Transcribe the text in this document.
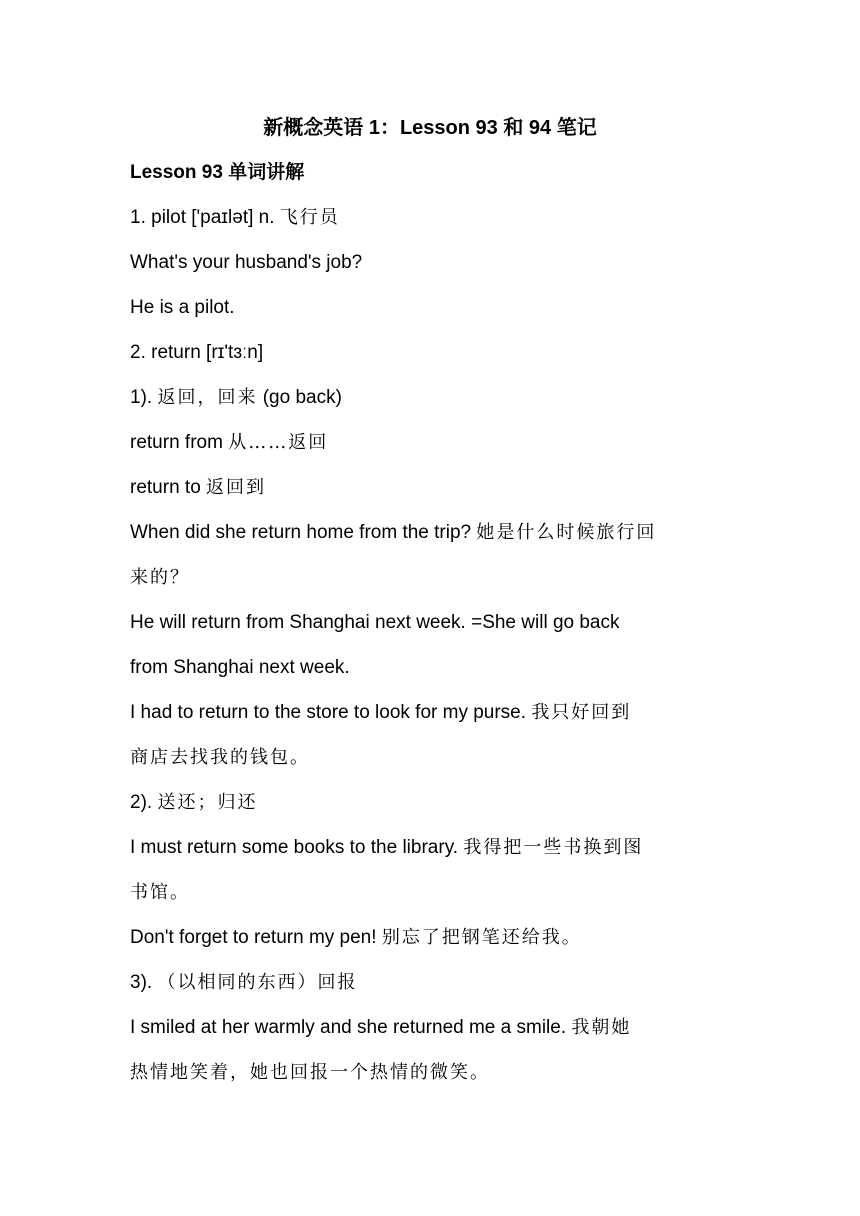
新概念英语 1：Lesson 93 和 94 笔记
Lesson 93 单词讲解
1. pilot ['paɪlət] n. 飞行员
What's your husband's job?
He is a pilot.
2. return [rɪ'tɜːn]
1). 返回，回来 (go back)
return from 从……返回
return to 返回到
When did she return home from the trip? 她是什么时候旅行回
来的？
He will return from Shanghai next week. =She will go back
from Shanghai next week.
I had to return to the store to look for my purse. 我只好回到
商店去找我的钱包。
2). 送还；归还
I must return some books to the library. 我得把一些书换到图
书馆。
Don't forget to return my pen! 别忘了把钢笔还给我。
3). （以相同的东西）回报
I smiled at her warmly and she returned me a smile. 我朝她
热情地笑着，她也回报一个热情的微笑。
